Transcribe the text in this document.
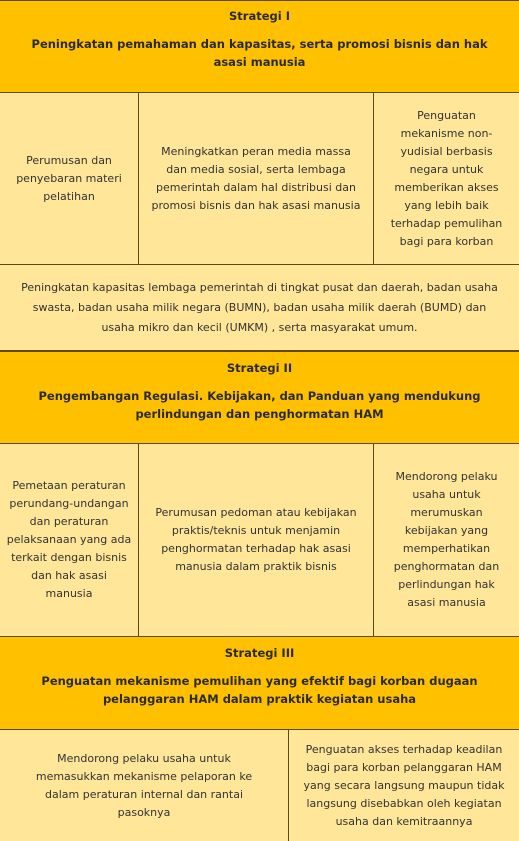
Strategi I
Peningkatan pemahaman dan kapasitas, serta promosi bisnis dan hak asasi manusia
Perumusan dan penyebaran materi pelatihan
Meningkatkan peran media massa dan media sosial, serta lembaga pemerintah dalam hal distribusi dan promosi bisnis dan hak asasi manusia
Penguatan mekanisme non-yudisial berbasis negara untuk memberikan akses yang lebih baik terhadap pemulihan bagi para korban
Peningkatan kapasitas lembaga pemerintah di tingkat pusat dan daerah, badan usaha swasta, badan usaha milik negara (BUMN), badan usaha milik daerah (BUMD) dan usaha mikro dan kecil (UMKM) , serta masyarakat umum.
Strategi II
Pengembangan Regulasi. Kebijakan, dan Panduan yang mendukung perlindungan dan penghormatan HAM
Pemetaan peraturan perundang-undangan dan peraturan pelaksanaan yang ada terkait dengan bisnis dan hak asasi manusia
Perumusan pedoman atau kebijakan praktis/teknis untuk menjamin penghormatan terhadap hak asasi manusia dalam praktik bisnis
Mendorong pelaku usaha untuk merumuskan kebijakan yang memperhatikan penghormatan dan perlindungan hak asasi manusia
Strategi III
Penguatan mekanisme pemulihan yang efektif bagi korban dugaan pelanggaran HAM dalam praktik kegiatan usaha
Mendorong pelaku usaha untuk memasukkan mekanisme pelaporan ke dalam peraturan internal dan rantai pasoknya
Penguatan akses terhadap keadilan bagi para korban pelanggaran HAM yang secara langsung maupun tidak langsung disebabkan oleh kegiatan usaha dan kemitraannya
